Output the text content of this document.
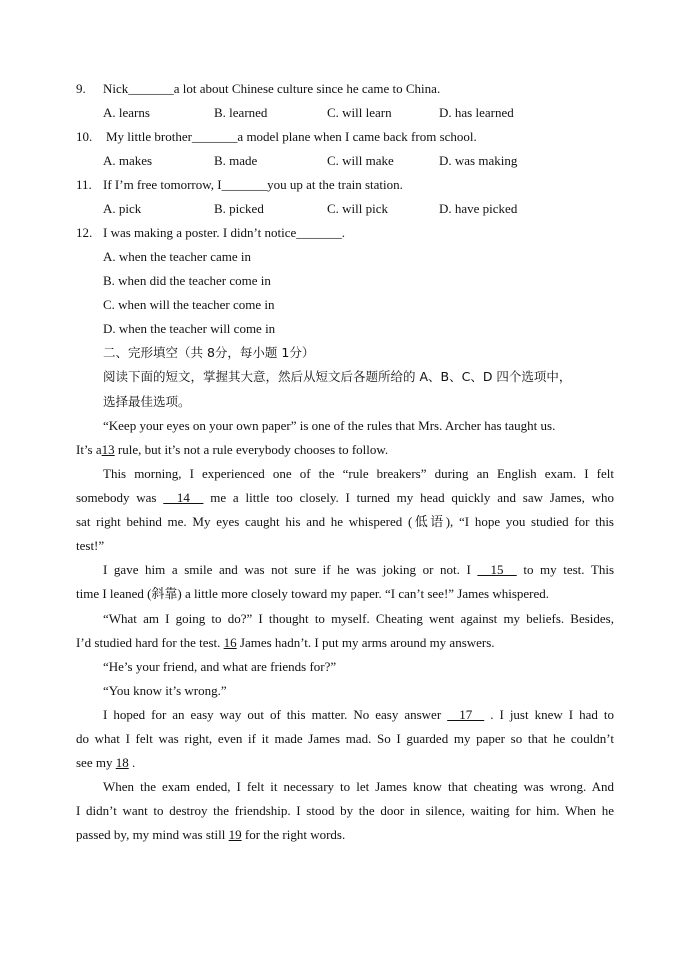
9. Nick_______a lot about Chinese culture since he came to China.
A. learns	B. learned	C. will learn	D. has learned
10. My little brother_______a model plane when I came back from school.
A. makes	B. made	C. will make	D. was making
11. If I’m free tomorrow, I_______you up at the train station.
A. pick	B. picked	C. will pick	D. have picked
12. I was making a poster. I didn’t notice_______.
A. when the teacher came in
B. when did the teacher come in
C. when will the teacher come in
D. when the teacher will come in
二、完形填空（共 8分，每小题 1分）
阅读下面的短文，掌握其大意，然后从短文后各题所给的 A、B、C、D 四个选项中，
选择最佳选项。
“Keep your eyes on your own paper” is one of the rules that Mrs. Archer has taught us.
It’s a13 rule, but it’s not a rule everybody chooses to follow.
This morning, I experienced one of the “rule breakers” during an English exam. I felt
somebody was   14   me a little too closely. I turned my head quickly and saw James, who
sat right behind me. My eyes caught his and he whispered (低语), “I hope you studied for this
test!”
I gave him a smile and was not sure if he was joking or not. I   15   to my test. This
time I leaned (斜靠) a little more closely toward my paper. “I can’t see!” James whispered.
“What am I going to do?” I thought to myself. Cheating went against my beliefs. Besides,
I’d studied hard for the test. 16 James hadn’t. I put my arms around my answers.
“He’s your friend, and what are friends for?”
“You know it’s wrong.”
I hoped for an easy way out of this matter. No easy answer   17   . I just knew I had to
do what I felt was right, even if it made James mad. So I guarded my paper so that he couldn’t
see my 18 .
When the exam ended, I felt it necessary to let James know that cheating was wrong. And
I didn’t want to destroy the friendship. I stood by the door in silence, waiting for him. When he
passed by, my mind was still 19 for the right words.
